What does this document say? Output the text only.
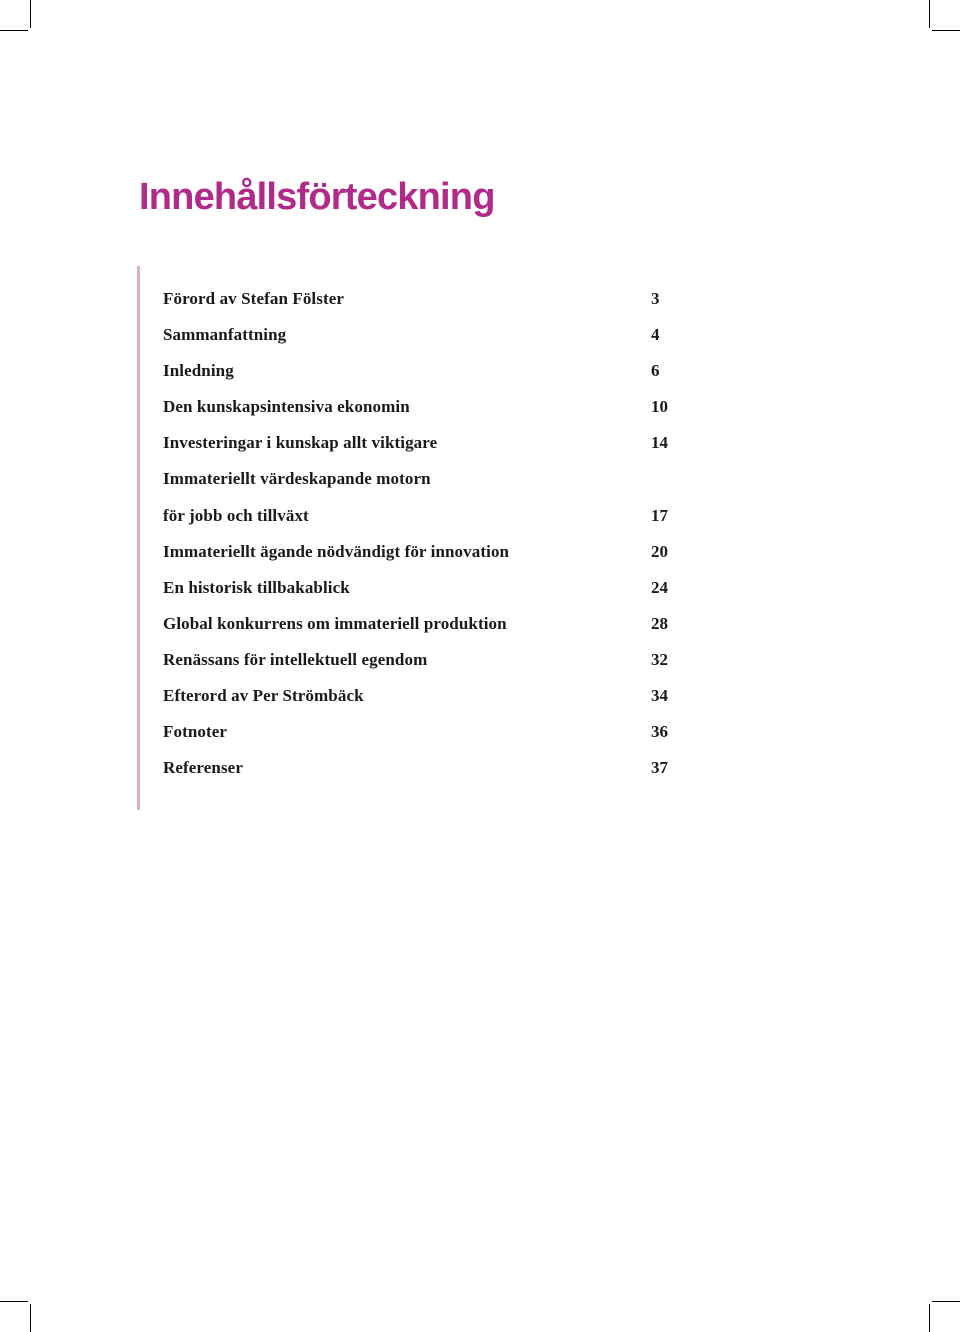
Innehållsförteckning
Förord av Stefan Fölster	3
Sammanfattning	4
Inledning	6
Den kunskapsintensiva ekonomin	10
Investeringar i kunskap allt viktigare	14
Immateriellt värdeskapande motorn
för jobb och tillväxt	17
Immateriellt ägande nödvändigt för innovation	20
En historisk tillbakablick	24
Global konkurrens om immateriell produktion	28
Renässans för intellektuell egendom	32
Efterord av Per Strömbäck	34
Fotnoter	36
Referenser	37
